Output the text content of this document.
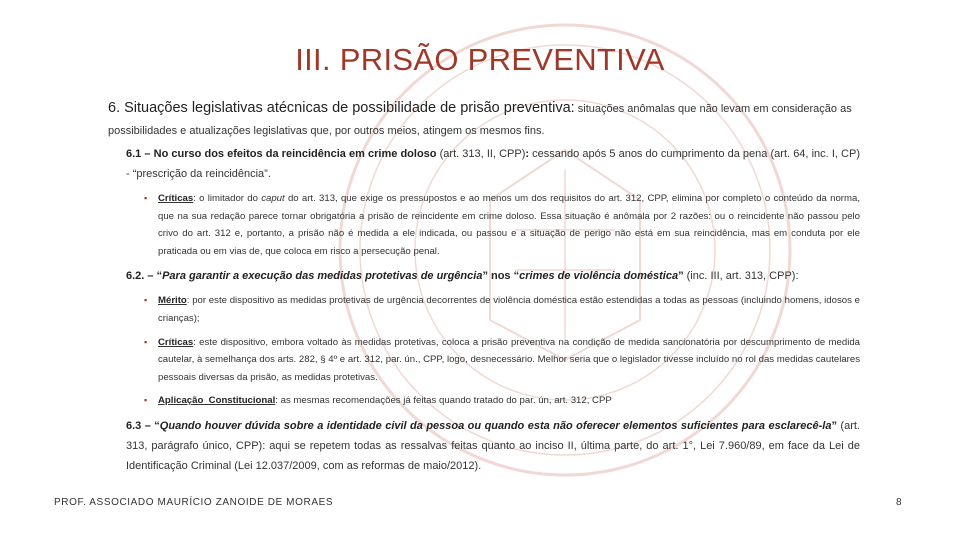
III. PRISÃO PREVENTIVA

6. Situações legislativas atécnicas de possibilidade de prisão preventiva: situações anômalas que não levam em consideração as possibilidades e atualizações legislativas que, por outros meios, atingem os mesmos fins.

6.1 – No curso dos efeitos da reincidência em crime doloso (art. 313, II, CPP): cessando após 5 anos do cumprimento da pena (art. 64, inc. I, CP) - “prescrição da reincidência”.

▪ Críticas: o limitador do caput do art. 313, que exige os pressupostos e ao menos um dos requisitos do art. 312, CPP, elimina por completo o conteúdo da norma, que na sua redação parece tornar obrigatória a prisão de reincidente em crime doloso. Essa situação é anômala por 2 razões: ou o reincidente não passou pelo crivo do art. 312 e, portanto, a prisão não é medida a ele indicada, ou passou e a situação de perigo não está em sua reincidência, mas em conduta por ele praticada ou em vias de, que coloca em risco a persecução penal.

6.2. – “Para garantir a execução das medidas protetivas de urgência” nos “crimes de violência doméstica” (inc. III, art. 313, CPP):

▪ Mérito: por este dispositivo as medidas protetivas de urgência decorrentes de violência doméstica estão estendidas a todas as pessoas (incluindo homens, idosos e crianças);
▪ Críticas: este dispositivo, embora voltado às medidas protetivas, coloca a prisão preventiva na condição de medida sancionatória por descumprimento de medida cautelar, à semelhança dos arts. 282, § 4º e art. 312, par. ún., CPP, logo, desnecessário. Melhor seria que o legislador tivesse incluído no rol das medidas cautelares pessoais diversas da prisão, as medidas protetivas.
▪ Aplicação  Constitucional: as mesmas recomendações já feitas quando tratado do par. ún, art. 312, CPP

6.3 – “Quando houver dúvida sobre a identidade civil da pessoa ou quando esta não oferecer elementos suficientes para esclarecê-la” (art. 313, parágrafo único, CPP): aqui se repetem todas as ressalvas feitas quanto ao inciso II, última parte, do art. 1°, Lei 7.960/89, em face da Lei de Identificação Criminal (Lei 12.037/2009, com as reformas de maio/2012).

PROF. ASSOCIADO MAURÍCIO ZANOIDE DE MORAES	8
